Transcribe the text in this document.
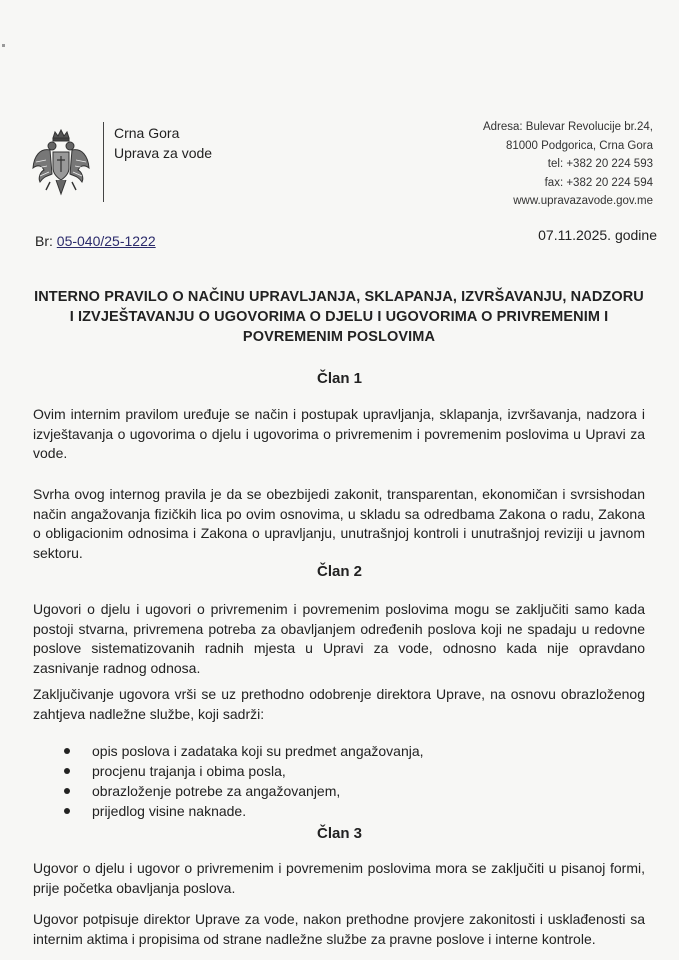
Crna Gora
Uprava za vode
Adresa: Bulevar Revolucije br.24,
81000 Podgorica, Crna Gora
tel: +382 20 224 593
fax: +382 20 224 594
www.upravazavode.gov.me
Br: 05-040/25-1222	07.11.2025. godine
INTERNO PRAVILO O NAČINU UPRAVLJANJA, SKLAPANJA, IZVRŠAVANJU, NADZORU I IZVJEŠTAVANJU O UGOVORIMA O DJELU I UGOVORIMA O PRIVREMENIM I POVREMENIM POSLOVIMA
Član 1
Ovim internim pravilom uređuje se način i postupak upravljanja, sklapanja, izvršavanja, nadzora i izvještavanja o ugovorima o djelu i ugovorima o privremenim i povremenim poslovima u Upravi za vode.
Svrha ovog internog pravila je da se obezbijedi zakonit, transparentan, ekonomičan i svrsishodan način angažovanja fizičkih lica po ovim osnovima, u skladu sa odredbama Zakona o radu, Zakona o obligacionim odnosima i Zakona o upravljanju, unutrašnjoj kontroli i unutrašnjoj reviziji u javnom sektoru.
Član 2
Ugovori o djelu i ugovori o privremenim i povremenim poslovima mogu se zaključiti samo kada postoji stvarna, privremena potreba za obavljanjem određenih poslova koji ne spadaju u redovne poslove sistematizovanih radnih mjesta u Upravi za vode, odnosno kada nije opravdano zasnivanje radnog odnosa.
Zaključivanje ugovora vrši se uz prethodno odobrenje direktora Uprave, na osnovu obrazloženog zahtjeva nadležne službe, koji sadrži:
opis poslova i zadataka koji su predmet angažovanja,
procjenu trajanja i obima posla,
obrazloženje potrebe za angažovanjem,
prijedlog visine naknade.
Član 3
Ugovor o djelu i ugovor o privremenim i povremenim poslovima mora se zaključiti u pisanoj formi, prije početka obavljanja poslova.
Ugovor potpisuje direktor Uprave za vode, nakon prethodne provjere zakonitosti i usklađenosti sa internim aktima i propisima od strane nadležne službe za pravne poslove i interne kontrole.
